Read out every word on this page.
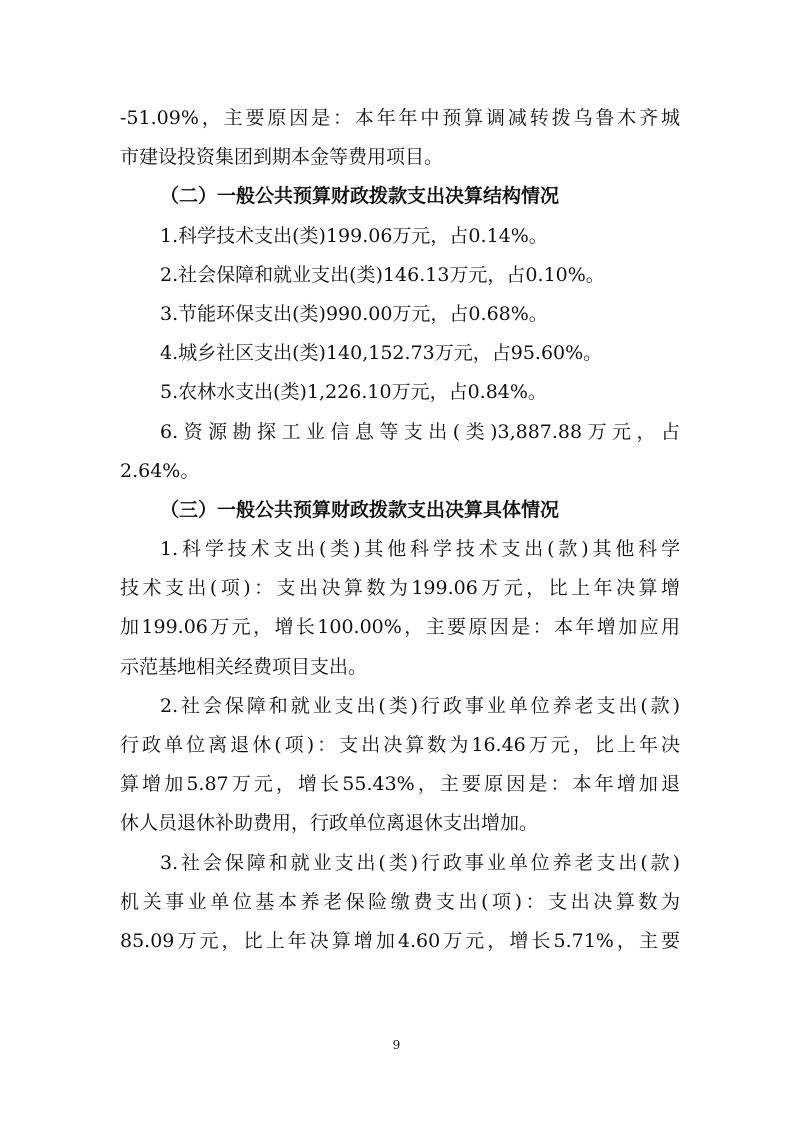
-51.09%，主要原因是：本年年中预算调减转拨乌鲁木齐城
市建设投资集团到期本金等费用项目。
（二）一般公共预算财政拨款支出决算结构情况
1.科学技术支出(类)199.06万元，占0.14%。
2.社会保障和就业支出(类)146.13万元，占0.10%。
3.节能环保支出(类)990.00万元，占0.68%。
4.城乡社区支出(类)140,152.73万元，占95.60%。
5.农林水支出(类)1,226.10万元，占0.84%。
6.资源勘探工业信息等支出(类)3,887.88万元，占
2.64%。
（三）一般公共预算财政拨款支出决算具体情况
1.科学技术支出(类)其他科学技术支出(款)其他科学
技术支出(项)：支出决算数为199.06万元，比上年决算增
加199.06万元，增长100.00%，主要原因是：本年增加应用
示范基地相关经费项目支出。
2.社会保障和就业支出(类)行政事业单位养老支出(款)
行政单位离退休(项)：支出决算数为16.46万元，比上年决
算增加5.87万元，增长55.43%，主要原因是：本年增加退
休人员退休补助费用，行政单位离退休支出增加。
3.社会保障和就业支出(类)行政事业单位养老支出(款)
机关事业单位基本养老保险缴费支出(项)：支出决算数为
85.09万元，比上年决算增加4.60万元，增长5.71%，主要
9
